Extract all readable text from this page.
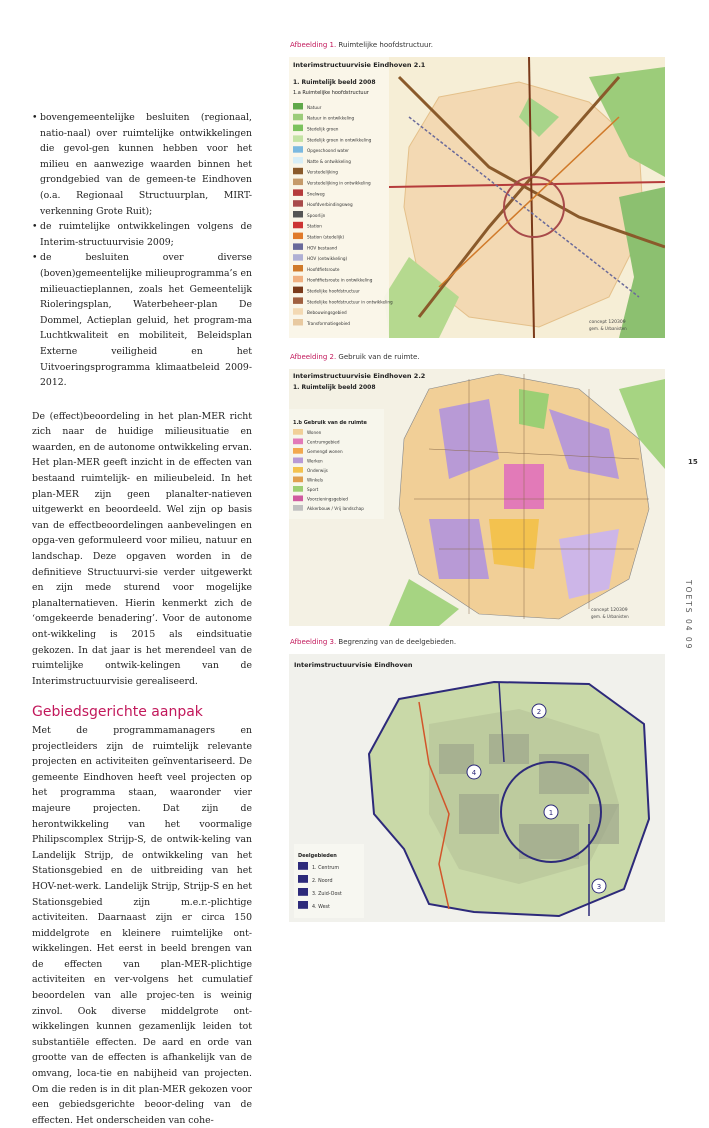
• bovengemeentelijke besluiten (regionaal, natio-naal) over ruimtelijke ontwikkelingen die gevol-gen kunnen hebben voor het milieu en aanwezige waarden binnen het grondgebied van de gemeen-te Eindhoven (o.a. Regionaal Structuurplan, MIRT-verkenning Grote Ruit);
• de ruimtelijke ontwikkelingen volgens de Interim-structuurvisie 2009;
• de besluiten over diverse (boven)gemeentelijke milieuprogramma’s en milieuactieplannen, zoals het Gemeentelijk Rioleringsplan, Waterbeheer-plan De Dommel, Actieplan geluid, het program-ma Luchtkwaliteit en mobiliteit, Beleidsplan Externe veiligheid en het Uitvoeringsprogramma klimaatbeleid 2009-2012.

De (effect)beoordeling in het plan-MER richt zich naar de huidige milieusituatie en waarden, en de autonome ontwikkeling ervan. Het plan-MER geeft inzicht in de effecten van bestaand ruimtelijk- en milieubeleid. In het plan-MER zijn geen planalter-natieven uitgewerkt en beoordeeld. Wel zijn op basis van de effectbeoordelingen aanbevelingen en opga-ven geformuleerd voor milieu, natuur en landschap. Deze opgaven worden in de definitieve Structuurvi-sie verder uitgewerkt en zijn mede sturend voor mogelijke planalternatieven. Hierin kenmerkt zich de ‘omgekeerde benadering’. Voor de autonome ont-wikkeling is 2015 als eindsituatie gekozen. In dat jaar is het merendeel van de ruimtelijke ontwik-kelingen van de Interimstructuurvisie gerealiseerd.

Gebiedsgerichte aanpak

Met de programmamanagers en projectleiders zijn de ruimtelijk relevante projecten en activiteiten geïnventariseerd. De gemeente Eindhoven heeft veel projecten op het programma staan, waaronder vier majeure projecten. Dat zijn de herontwikkeling van het voormalige Philipscomplex Strijp-S, de ontwik-keling van Landelijk Strijp, de ontwikkeling van het Stationsgebied en de uitbreiding van het HOV-net-werk. Landelijk Strijp, Strijp-S en het Stationsgebied zijn m.e.r.-plichtige activiteiten. Daarnaast zijn er circa 150 middelgrote en kleinere ruimtelijke ont-wikkelingen. Het eerst in beeld brengen van de effecten van plan-MER-plichtige activiteiten en ver-volgens het cumulatief beoordelen van alle projec-ten is weinig zinvol. Ook diverse middelgrote ont-wikkelingen kunnen gezamenlijk leiden tot substantiële effecten. De aard en orde van grootte van de effecten is afhankelijk van de omvang, loca-tie en nabijheid van projecten. Om die reden is in dit plan-MER gekozen voor een gebiedsgerichte beoor-deling van de effecten. Het onderscheiden van cohe-

Afbeelding 1. Ruimtelijke hoofdstructuur.
Interimstructuurvisie Eindhoven 2.1
1. Ruimtelijk beeld 2008
1.a Ruimtelijke hoofdstructuur
Natuur
Natuur in ontwikkeling
Stedelijk groen
Stedelijk groen in ontwikkeling
Opgeschoond water
Natte & ontwikkeling
Verstedelijking
Verstedelijking in ontwikkeling
Snelweg
Hoofdverbindingsweg
Spoorlijn
Station
Station (stedelijk)
HOV bestaand
HOV (ontwikkeling)
Hoofdfietsroute
Hoofdfietsroute in ontwikkeling
Stedelijke hoofdstructuur
Stedelijke hoofdstructuur in ontwikkeling
Bebouwingsgebied
Transformatiegebied	concept 120309
gem. & Urbanisten
Afbeelding 2. Gebruik van de ruimte.
Interimstructuurvisie Eindhoven 2.2
1. Ruimtelijk beeld 2008
1.b Gebruik van de ruimte
Wonen
Centrumgebied
Gemengd wonen
Werken
Onderwijs
Winkels
Sport
Voorzieningsgebied
Akkerbouw / Vrij landschap
concept 120309
gem. & Urbanisten
Afbeelding 3. Begrenzing van de deelgebieden.
Interimstructuurvisie Eindhoven
Deelgebieden
1. Centrum
2. Noord
3. Zuid-Oost
4. West
1
2
3
4
15
TOETS 04 09
